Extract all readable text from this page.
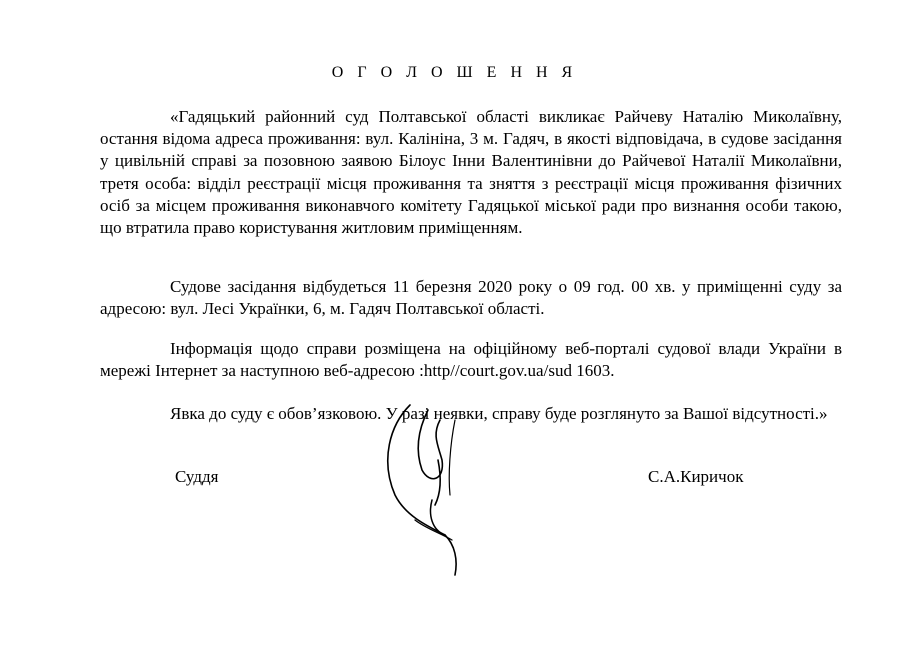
О Г О Л О Ш Е Н Н Я

«Гадяцький районний суд Полтавської області викликає Райчеву Наталію Миколаївну, остання відома адреса проживання: вул. Калініна, 3 м. Гадяч, в якості відповідача, в судове засідання у цивільній справі за позовною заявою Білоус Інни Валентинівни до Райчевої Наталії Миколаївни, третя особа: відділ реєстрації місця проживання та зняття з реєстрації місця проживання фізичних осіб за місцем проживання виконавчого комітету Гадяцької міської ради про визнання особи такою, що втратила право користування житловим приміщенням.

Судове засідання відбудеться 11 березня 2020 року о 09 год. 00 хв. у приміщенні суду за адресою: вул. Лесі Українки, 6, м. Гадяч Полтавської області.

Інформація щодо справи розміщена на офіційному веб-порталі судової влади України в мережі Інтернет за наступною веб-адресою :http//court.gov.ua/sud 1603.

Явка до суду є обов’язковою. У разі неявки, справу буде розглянуто за Вашої відсутності.»

Суддя	С.А.Киричок
